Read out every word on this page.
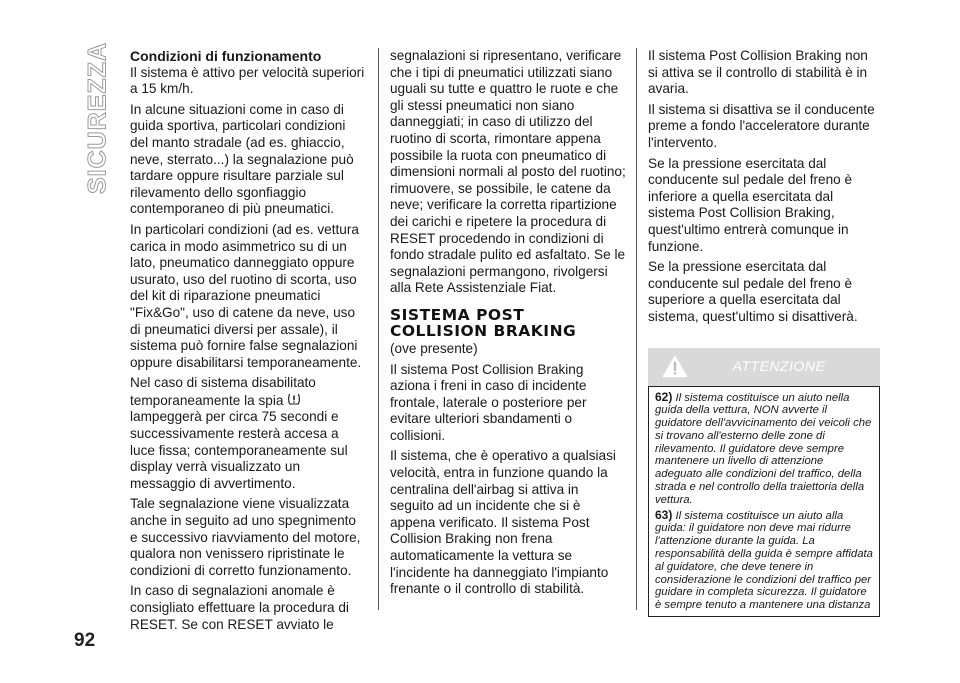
SICUREZZA
92

Condizioni di funzionamento

Il sistema è attivo per velocità superiori a 15 km/h.

In alcune situazioni come in caso di guida sportiva, particolari condizioni del manto stradale (ad es. ghiaccio, neve, sterrato...) la segnalazione può tardare oppure risultare parziale sul rilevamento dello sgonfiaggio contemporaneo di più pneumatici.

In particolari condizioni (ad es. vettura carica in modo asimmetrico su di un lato, pneumatico danneggiato oppure usurato, uso del ruotino di scorta, uso del kit di riparazione pneumatici "Fix&Go", uso di catene da neve, uso di pneumatici diversi per assale), il sistema può fornire false segnalazioni oppure disabilitarsi temporaneamente.

Nel caso di sistema disabilitato temporaneamente la spia  lampeggerà per circa 75 secondi e successivamente resterà accesa a luce fissa; contemporaneamente sul display verrà visualizzato un messaggio di avvertimento.

Tale segnalazione viene visualizzata anche in seguito ad uno spegnimento e successivo riavviamento del motore, qualora non venissero ripristinate le condizioni di corretto funzionamento.

In caso di segnalazioni anomale è consigliato effettuare la procedura di RESET. Se con RESET avviato le

segnalazioni si ripresentano, verificare che i tipi di pneumatici utilizzati siano uguali su tutte e quattro le ruote e che gli stessi pneumatici non siano danneggiati; in caso di utilizzo del ruotino di scorta, rimontare appena possibile la ruota con pneumatico di dimensioni normali al posto del ruotino; rimuovere, se possibile, le catene da neve; verificare la corretta ripartizione dei carichi e ripetere la procedura di RESET procedendo in condizioni di fondo stradale pulito ed asfaltato. Se le segnalazioni permangono, rivolgersi alla Rete Assistenziale Fiat.

SISTEMA POST
COLLISION BRAKING

(ove presente)

Il sistema Post Collision Braking aziona i freni in caso di incidente frontale, laterale o posteriore per evitare ulteriori sbandamenti o collisioni.

Il sistema, che è operativo a qualsiasi velocità, entra in funzione quando la centralina dell'airbag si attiva in seguito ad un incidente che si è appena verificato. Il sistema Post Collision Braking non frena automaticamente la vettura se l'incidente ha danneggiato l'impianto frenante o il controllo di stabilità.

Il sistema Post Collision Braking non si attiva se il controllo di stabilità è in avaria.

Il sistema si disattiva se il conducente preme a fondo l'acceleratore durante l'intervento.

Se la pressione esercitata dal conducente sul pedale del freno è inferiore a quella esercitata dal sistema Post Collision Braking, quest'ultimo entrerà comunque in funzione.

Se la pressione esercitata dal conducente sul pedale del freno è superiore a quella esercitata dal sistema, quest'ultimo si disattiverà.

ATTENZIONE

62) Il sistema costituisce un aiuto nella guida della vettura, NON avverte il guidatore dell'avvicinamento dei veicoli che si trovano all'esterno delle zone di rilevamento. Il guidatore deve sempre mantenere un livello di attenzione adeguato alle condizioni del traffico, della strada e nel controllo della traiettoria della vettura.

63) Il sistema costituisce un aiuto alla guida: il guidatore non deve mai ridurre l'attenzione durante la guida. La responsabilità della guida è sempre affidata al guidatore, che deve tenere in considerazione le condizioni del traffico per guidare in completa sicurezza. Il guidatore è sempre tenuto a mantenere una distanza
